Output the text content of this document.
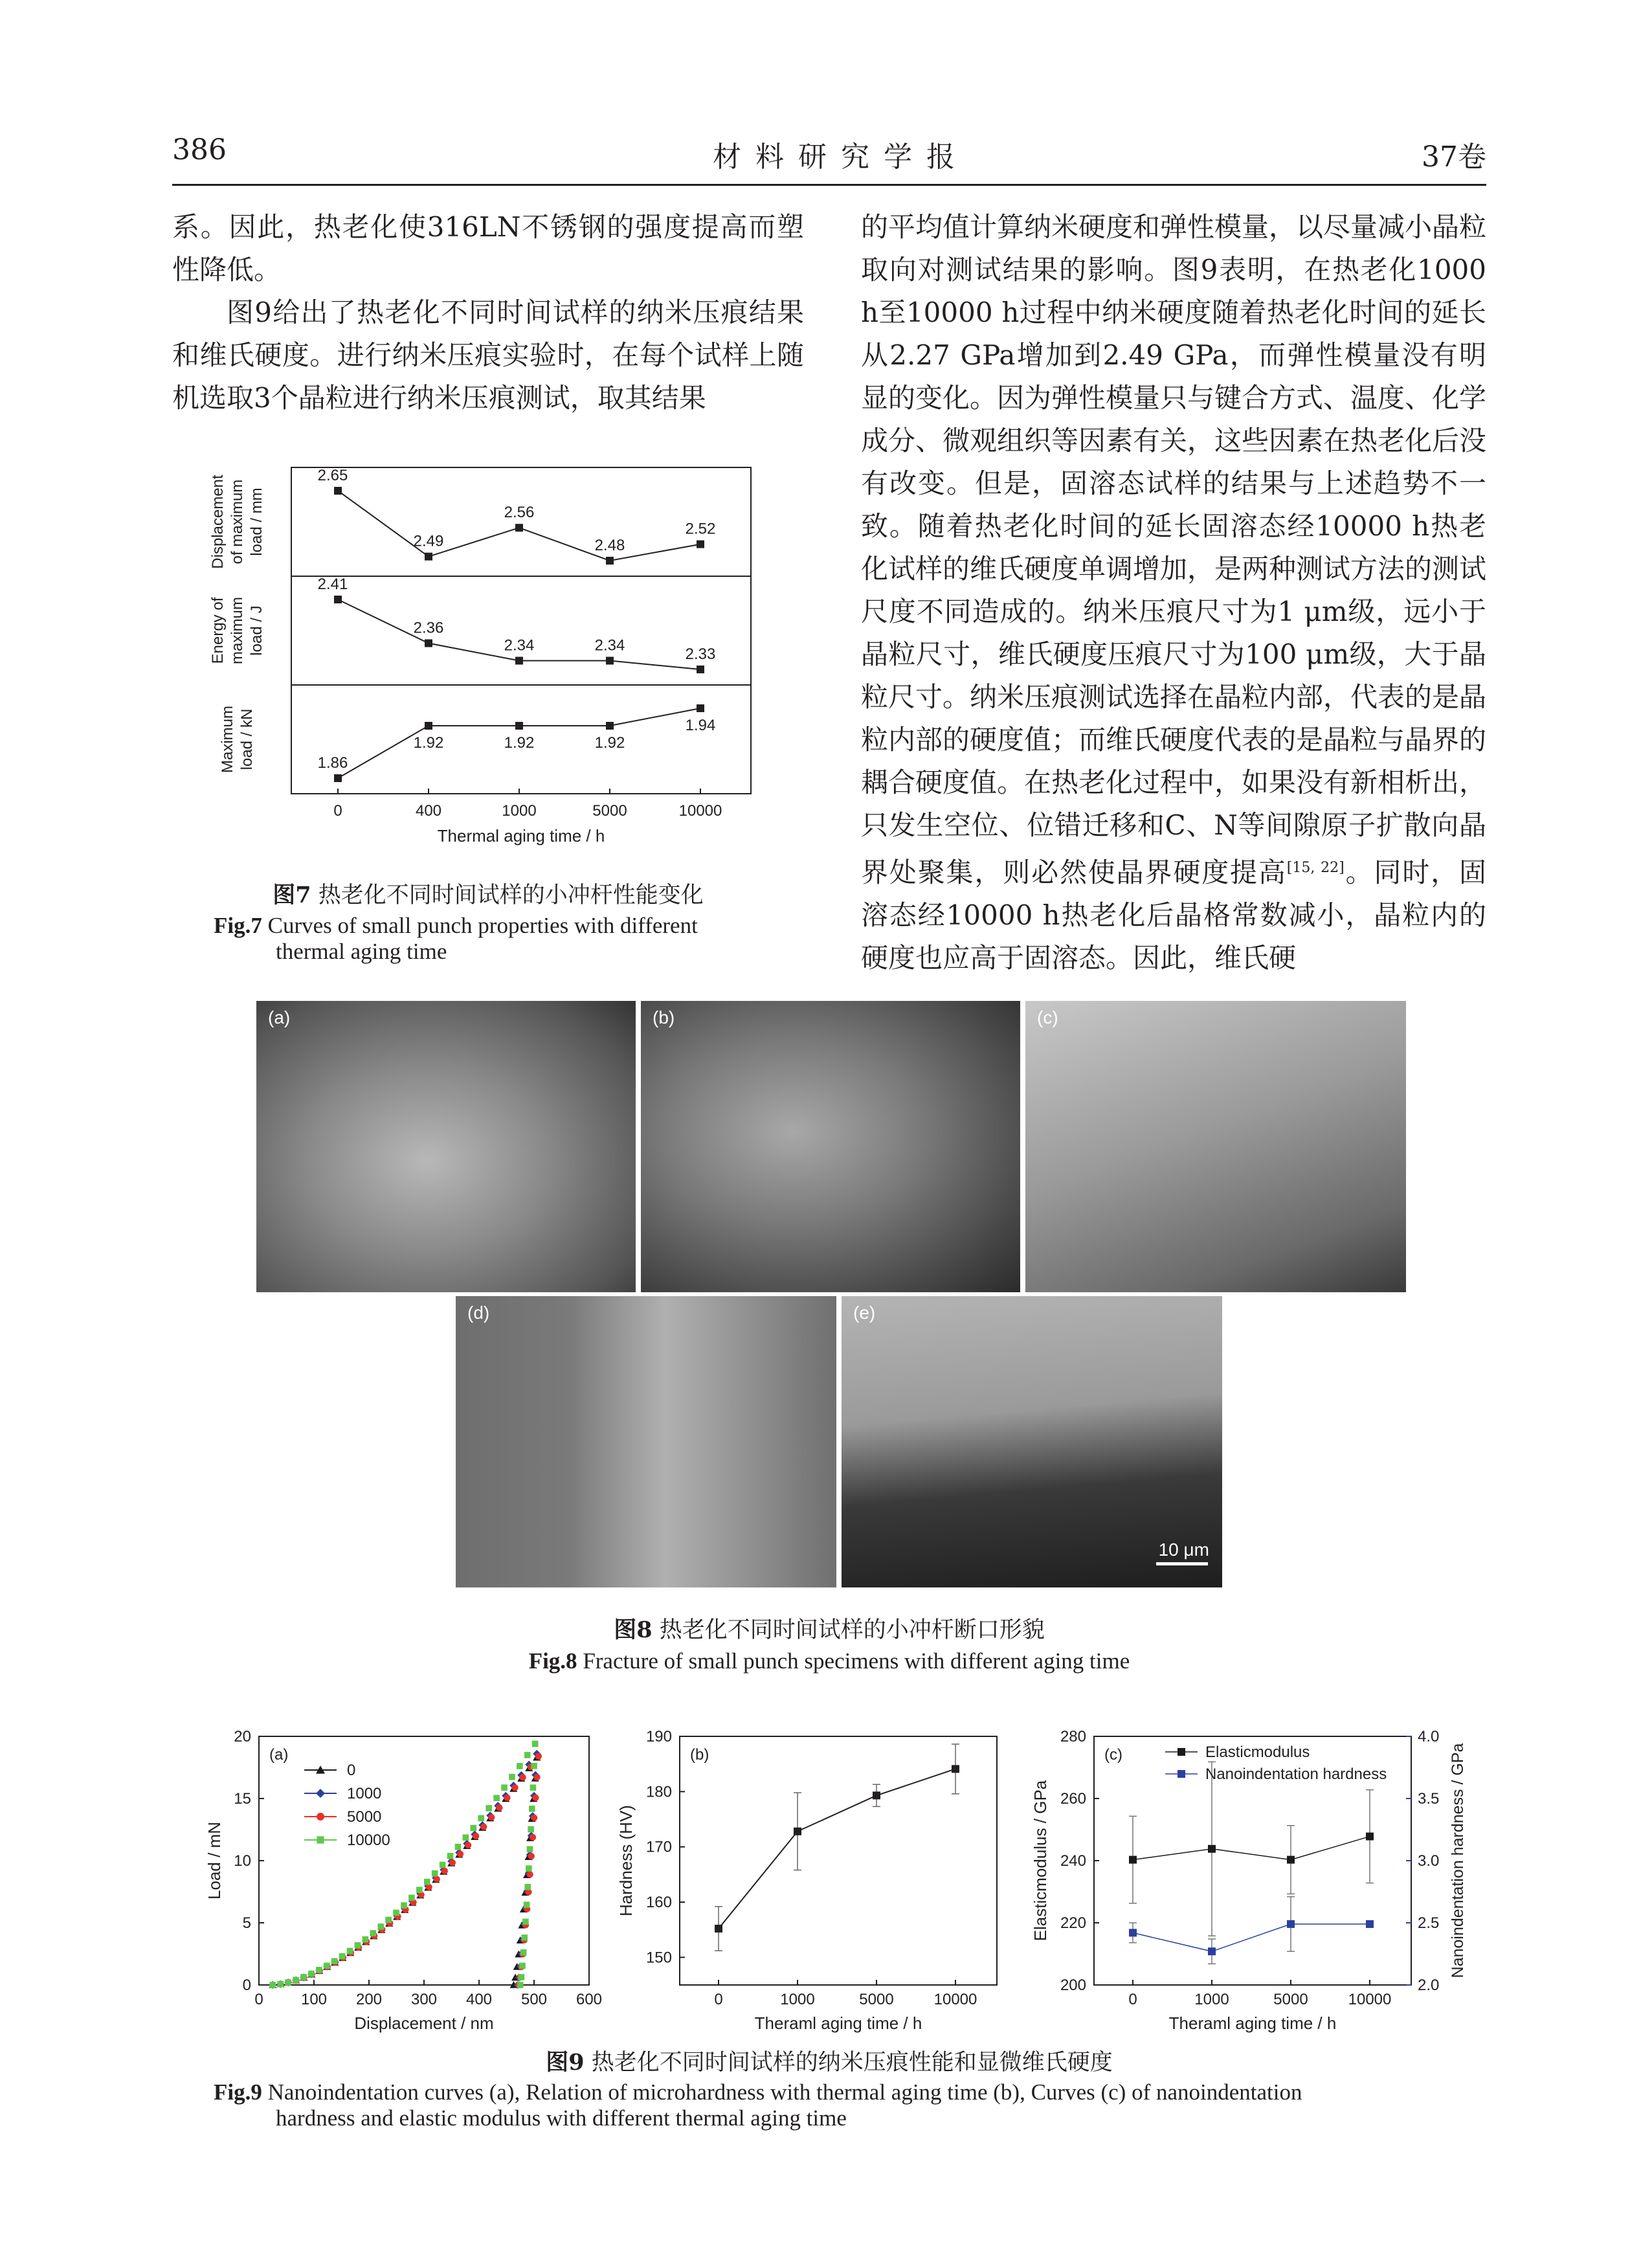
386	材 料 研 究 学 报	37卷

系。因此，热老化使316LN不锈钢的强度提高而塑性降低。

图9给出了热老化不同时间试样的纳米压痕结果和维氏硬度。进行纳米压痕实验时，在每个试样上随机选取3个晶粒进行纳米压痕测试，取其结果

的平均值计算纳米硬度和弹性模量，以尽量减小晶粒取向对测试结果的影响。图9表明，在热老化1000 h至10000 h过程中纳米硬度随着热老化时间的延长从2.27 GPa增加到2.49 GPa，而弹性模量没有明显的变化。因为弹性模量只与键合方式、温度、化学成分、微观组织等因素有关，这些因素在热老化后没有改变。但是，固溶态试样的结果与上述趋势不一致。随着热老化时间的延长固溶态经10000 h热老化试样的维氏硬度单调增加，是两种测试方法的测试尺度不同造成的。纳米压痕尺寸为1 μm级，远小于晶粒尺寸，维氏硬度压痕尺寸为100 μm级，大于晶粒尺寸。纳米压痕测试选择在晶粒内部，代表的是晶粒内部的硬度值；而维氏硬度代表的是晶粒与晶界的耦合硬度值。在热老化过程中，如果没有新相析出，只发生空位、位错迁移和C、N等间隙原子扩散向晶界处聚集，则必然使晶界硬度提高[15, 22]。同时，固溶态经10000 h热老化后晶格常数减小，晶粒内的硬度也应高于固溶态。因此，维氏硬

2.65
2.49
2.56
2.48
2.52
Displacement of maximum load / mm
2.41
2.36
2.34	2.34	2.33
Energy of maximum load / J
1.86
1.92	1.92	1.92
1.94
Maximum load / kN
0	400	1000	5000	10000
Thermal aging time / h
图7 热老化不同时间试样的小冲杆性能变化
Fig.7 Curves of small punch properties with different
thermal aging time
(a)	(b)	(c)
(d)	(e)
10 μm
图8 热老化不同时间试样的小冲杆断口形貌
Fig.8 Fracture of small punch specimens with different aging time
0 100 200 300 400 500 600
0
5
10
15
20
Displacement / nm
Load / mN
(a)
0
1000
5000
10000
150
160
170
180
190
0	1000	5000	10000
(b)
Theraml aging time / h
Hardness (HV)
200
220
240
260
280
2.0
2.5
3.0
3.5
4.0
0	1000	5000	10000
Elasticmodulus
Nanoindentation hardness
(c)
Theraml aging time / h
Elasticmodulus / GPa	Nanoindentation hardness / GPa
图9 热老化不同时间试样的纳米压痕性能和显微维氏硬度
Fig.9 Nanoindentation curves (a), Relation of microhardness with thermal aging time (b), Curves (c) of nanoindentation
hardness and elastic modulus with different thermal aging time
